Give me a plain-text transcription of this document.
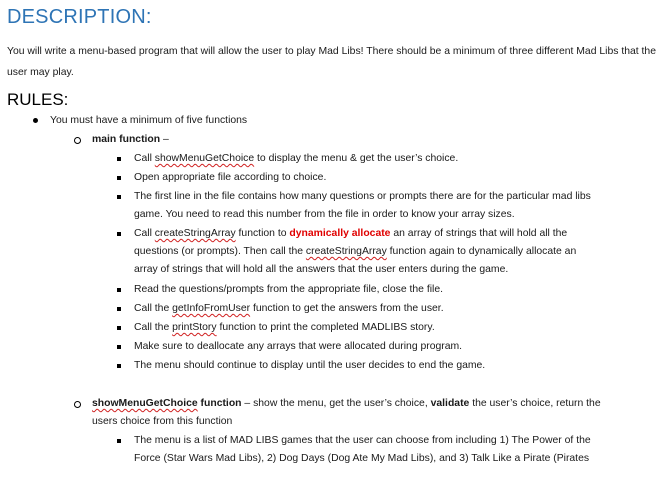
DESCRIPTION:
You will write a menu-based program that will allow the user to play Mad Libs! There should be a minimum of three different Mad Libs that the user may play.
RULES:
You must have a minimum of five functions
main function –
Call showMenuGetChoice to display the menu & get the user’s choice.
Open appropriate file according to choice.
The first line in the file contains how many questions or prompts there are for the particular mad libs
game. You need to read this number from the file in order to know your array sizes.
Call createStringArray function to dynamically allocate an array of strings that will hold all the
questions (or prompts). Then call the createStringArray function again to dynamically allocate an
array of strings that will hold all the answers that the user enters during the game.
Read the questions/prompts from the appropriate file, close the file.
Call the getInfoFromUser function to get the answers from the user.
Call the printStory function to print the completed MADLIBS story.
Make sure to deallocate any arrays that were allocated during program.
The menu should continue to display until the user decides to end the game.
showMenuGetChoice function – show the menu, get the user’s choice, validate the user’s choice, return the
users choice from this function
The menu is a list of MAD LIBS games that the user can choose from including 1) The Power of the
Force (Star Wars Mad Libs), 2) Dog Days (Dog Ate My Mad Libs), and 3) Talk Like a Pirate (Pirates
